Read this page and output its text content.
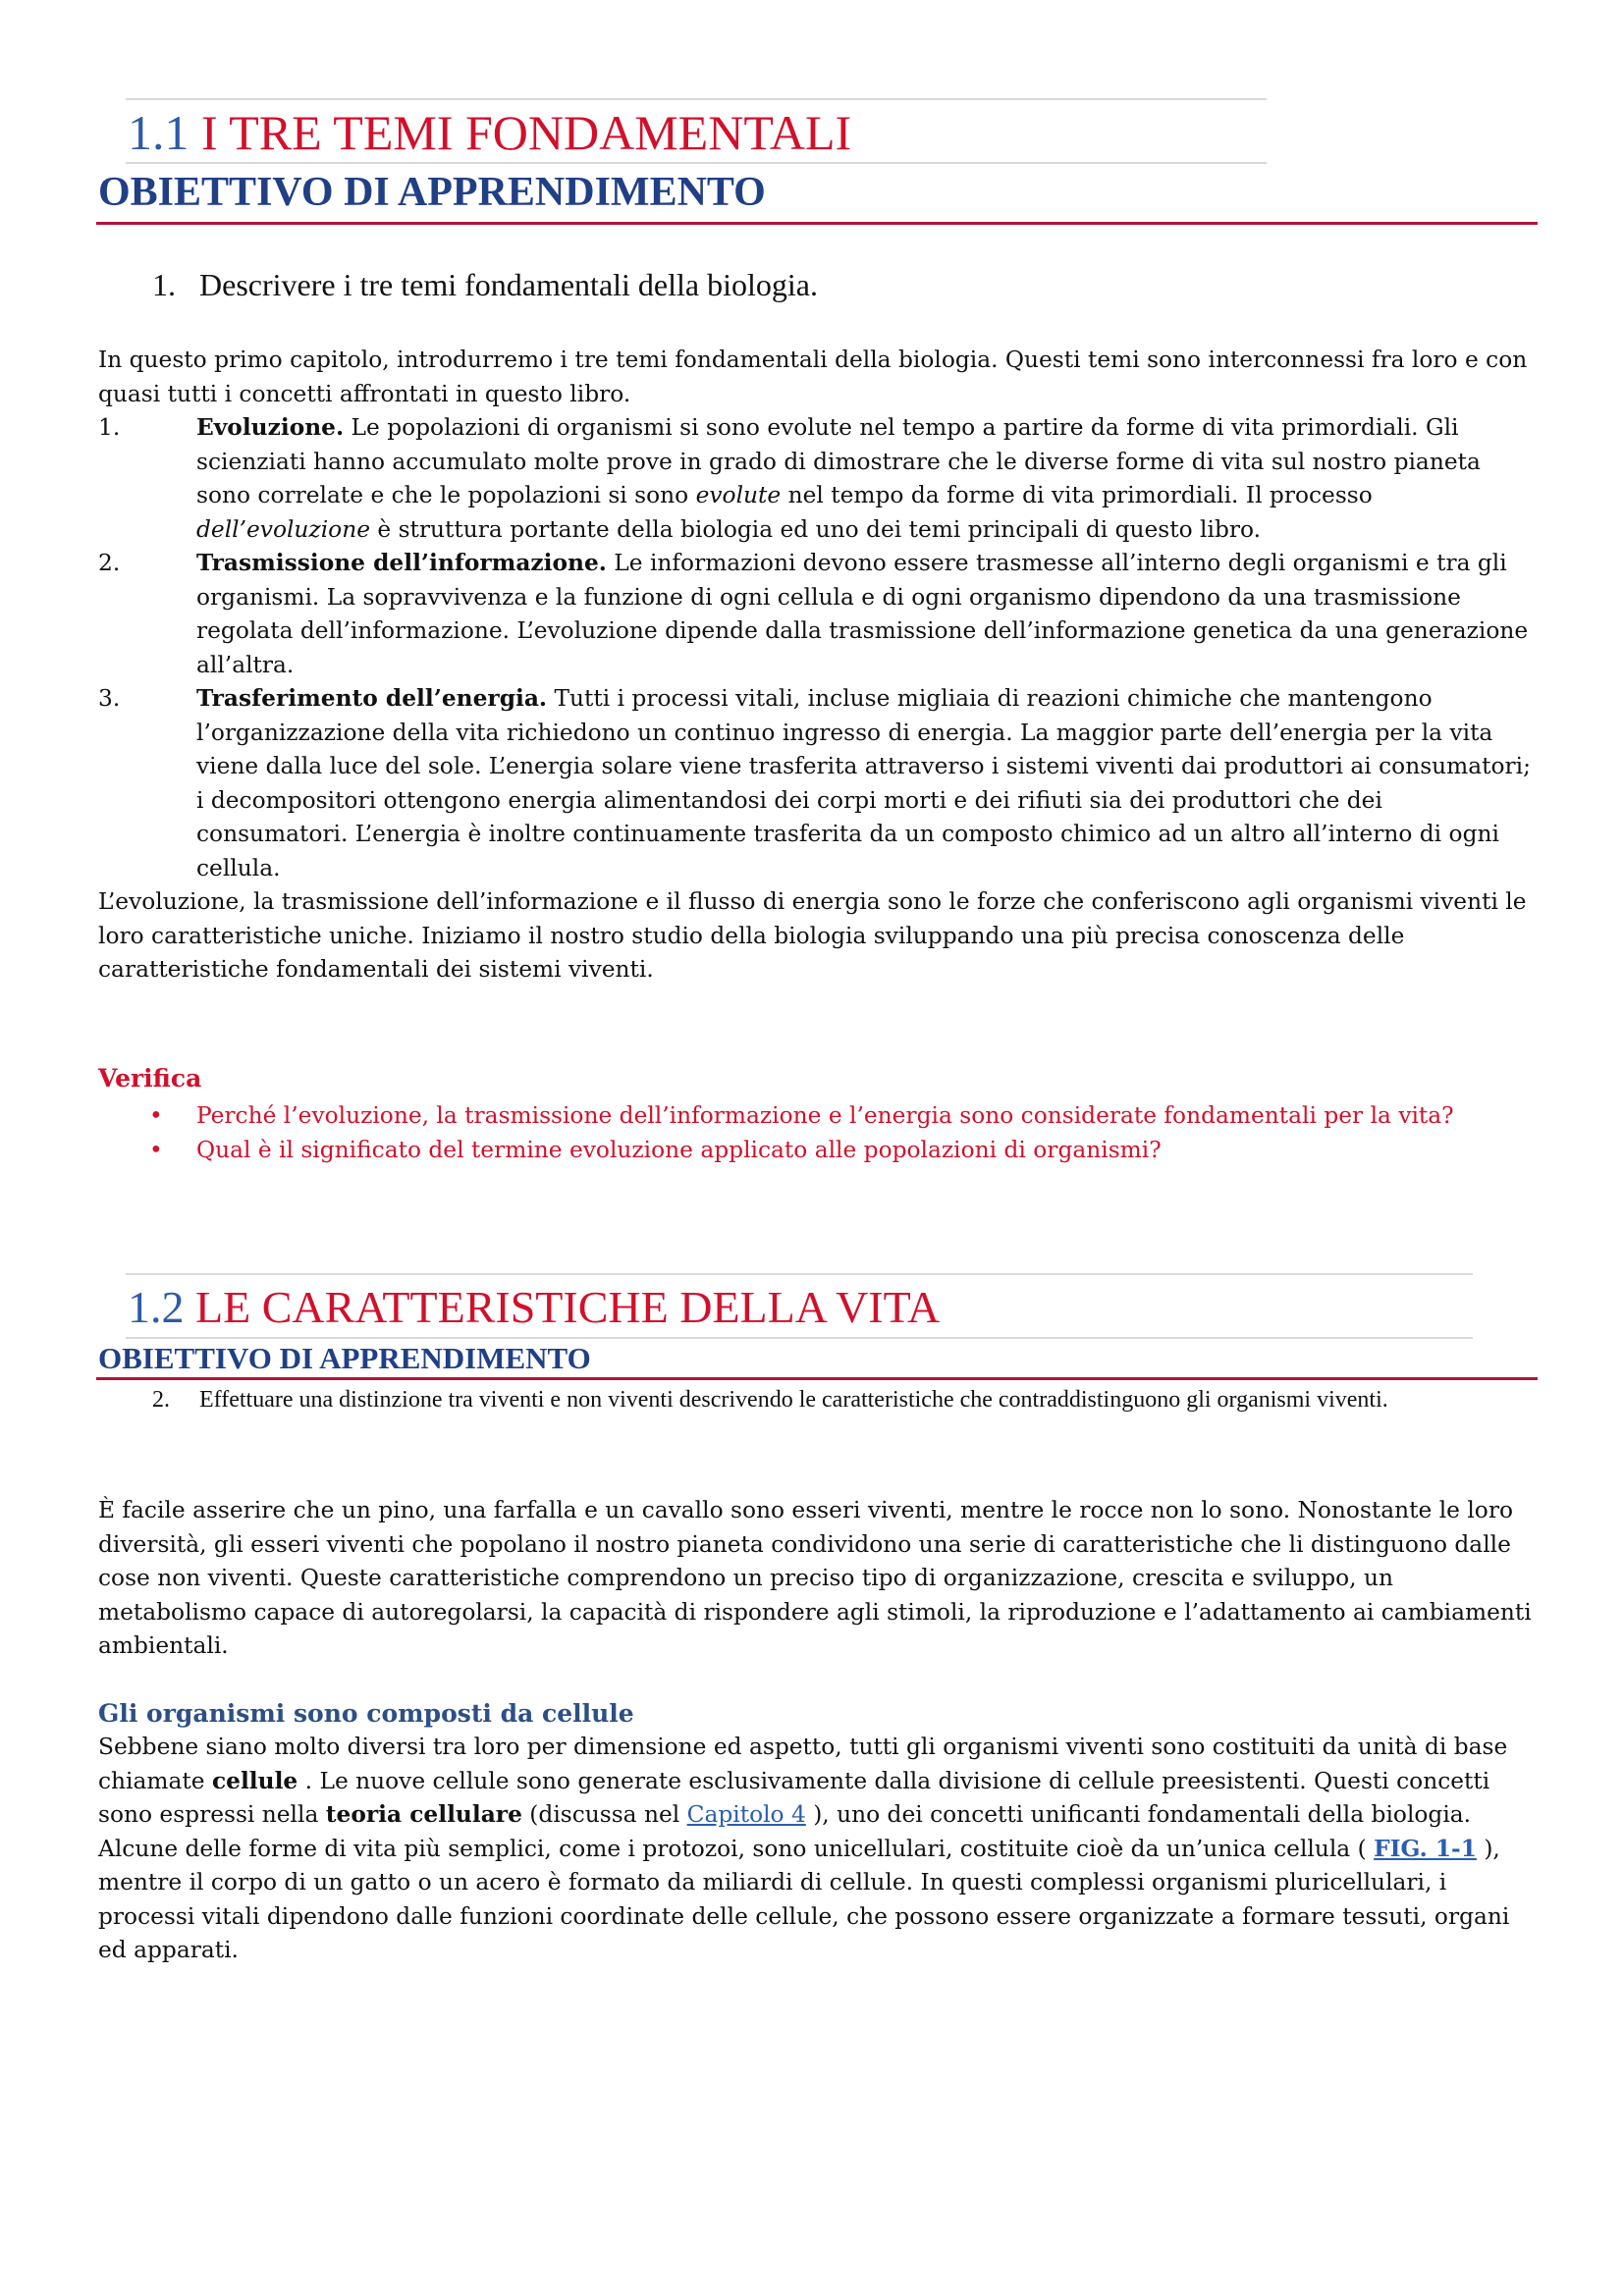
1.1 I TRE TEMI FONDAMENTALI
OBIETTIVO DI APPRENDIMENTO
1. Descrivere i tre temi fondamentali della biologia.

In questo primo capitolo, introdurremo i tre temi fondamentali della biologia. Questi temi sono interconnessi fra loro e con quasi tutti i concetti affrontati in questo libro.

1.	Evoluzione. Le popolazioni di organismi si sono evolute nel tempo a partire da forme di vita primordiali. Gli scienziati hanno accumulato molte prove in grado di dimostrare che le diverse forme di vita sul nostro pianeta sono correlate e che le popolazioni si sono evolute nel tempo da forme di vita primordiali. Il processo dell’evoluzione è struttura portante della biologia ed uno dei temi principali di questo libro.
2.	Trasmissione dell’informazione. Le informazioni devono essere trasmesse all’interno degli organismi e tra gli organismi. La sopravvivenza e la funzione di ogni cellula e di ogni organismo dipendono da una trasmissione regolata dell’informazione. L’evoluzione dipende dalla trasmissione dell’informazione genetica da una generazione all’altra.
3.	Trasferimento dell’energia. Tutti i processi vitali, incluse migliaia di reazioni chimiche che mantengono l’organizzazione della vita richiedono un continuo ingresso di energia. La maggior parte dell’energia per la vita viene dalla luce del sole. L’energia solare viene trasferita attraverso i sistemi viventi dai produttori ai consumatori; i decompositori ottengono energia alimentandosi dei corpi morti e dei rifiuti sia dei produttori che dei consumatori. L’energia è inoltre continuamente trasferita da un composto chimico ad un altro all’interno di ogni cellula.

L’evoluzione, la trasmissione dell’informazione e il flusso di energia sono le forze che conferiscono agli organismi viventi le loro caratteristiche uniche. Iniziamo il nostro studio della biologia sviluppando una più precisa conoscenza delle caratteristiche fondamentali dei sistemi viventi.

Verifica
• Perché l’evoluzione, la trasmissione dell’informazione e l’energia sono considerate fondamentali per la vita?
• Qual è il significato del termine evoluzione applicato alle popolazioni di organismi?
1.2 LE CARATTERISTICHE DELLA VITA
OBIETTIVO DI APPRENDIMENTO
2. Effettuare una distinzione tra viventi e non viventi descrivendo le caratteristiche che contraddistinguono gli organismi viventi.

È facile asserire che un pino, una farfalla e un cavallo sono esseri viventi, mentre le rocce non lo sono. Nonostante le loro diversità, gli esseri viventi che popolano il nostro pianeta condividono una serie di caratteristiche che li distinguono dalle cose non viventi. Queste caratteristiche comprendono un preciso tipo di organizzazione, crescita e sviluppo, un metabolismo capace di autoregolarsi, la capacità di rispondere agli stimoli, la riproduzione e l’adattamento ai cambiamenti ambientali.

Gli organismi sono composti da cellule

Sebbene siano molto diversi tra loro per dimensione ed aspetto, tutti gli organismi viventi sono costituiti da unità di base chiamate cellule . Le nuove cellule sono generate esclusivamente dalla divisione di cellule preesistenti. Questi concetti sono espressi nella teoria cellulare (discussa nel Capitolo 4 ), uno dei concetti unificanti fondamentali della biologia.

Alcune delle forme di vita più semplici, come i protozoi, sono unicellulari, costituite cioè da un’unica cellula ( FIG. 1-1 ), mentre il corpo di un gatto o un acero è formato da miliardi di cellule. In questi complessi organismi pluricellulari, i processi vitali dipendono dalle funzioni coordinate delle cellule, che possono essere organizzate a formare tessuti, organi ed apparati.
